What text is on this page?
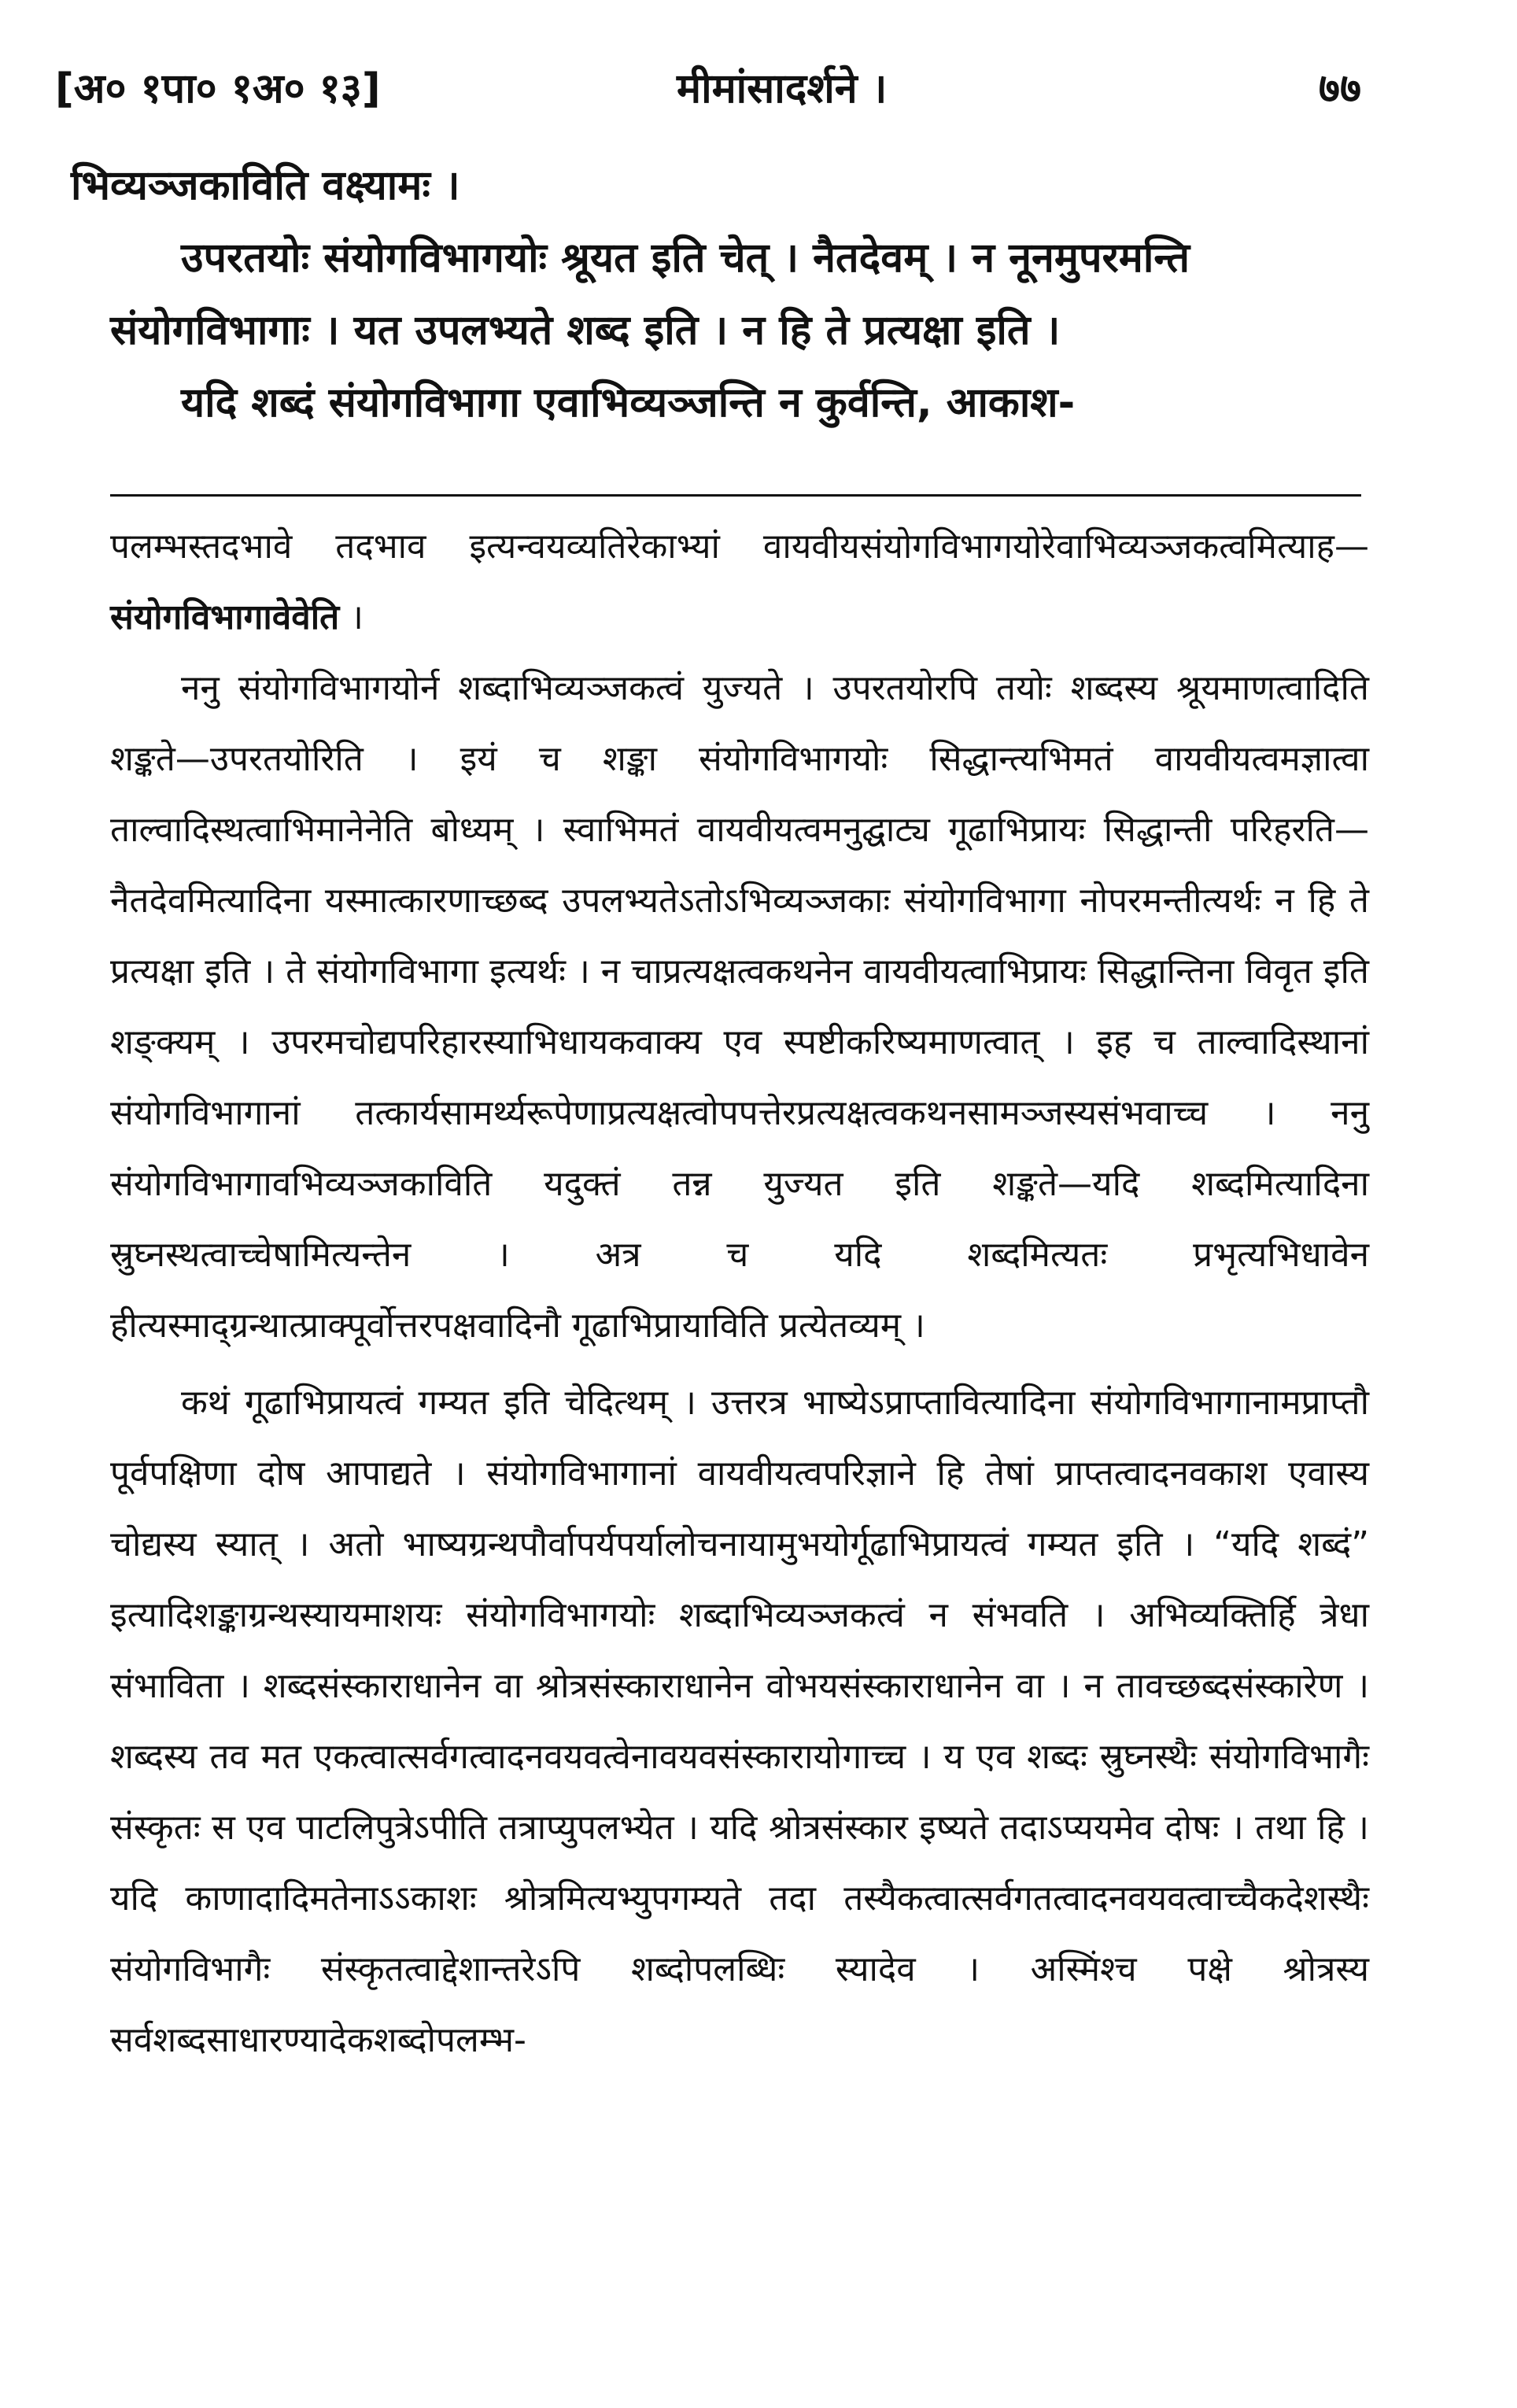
[अ० १पा० १अ० १३]	मीमांसादर्शने ।	७७

भिव्यञ्जकाविति वक्ष्यामः ।

उपरतयोः संयोगविभागयोः श्रूयत इति चेत् । नैतदेवम् । न नूनमुपरमन्ति संयोगविभागाः । यत उपलभ्यते शब्द इति । न हि ते प्रत्यक्षा इति ।

यदि शब्दं संयोगविभागा एवाभिव्यञ्जन्ति न कुर्वन्ति, आकाश-

पलम्भस्तदभावे तदभाव इत्यन्वयव्यतिरेकाभ्यां वायवीयसंयोगविभागयोरेवाभिव्यञ्जकत्वमित्याह—संयोगविभागावेवेति ।

ननु संयोगविभागयोर्न शब्दाभिव्यञ्जकत्वं युज्यते । उपरतयोरपि तयोः शब्दस्य श्रूयमाणत्वादिति शङ्कते—उपरतयोरिति । इयं च शङ्का संयोगविभागयोः सिद्धान्त्यभिमतं वायवीयत्वमज्ञात्वा ताल्वादिस्थत्वाभिमानेनेति बोध्यम् । स्वाभिमतं वायवीयत्वमनुद्घाट्य गूढाभिप्रायः सिद्धान्ती परिहरति—नैतदेवमित्यादिना यस्मात्कारणाच्छब्द उपलभ्यतेऽतोऽभिव्यञ्जकाः संयोगविभागा नोपरमन्तीत्यर्थः न हि ते प्रत्यक्षा इति । ते संयोगविभागा इत्यर्थः । न चाप्रत्यक्षत्वकथनेन वायवीयत्वाभिप्रायः सिद्धान्तिना विवृत इति शङ्क्यम् । उपरमचोद्यपरिहारस्याभिधायकवाक्य एव स्पष्टीकरिष्यमाणत्वात् । इह च ताल्वादिस्थानां संयोगविभागानां तत्कार्यसामर्थ्यरूपेणाप्रत्यक्षत्वोपपत्तेरप्रत्यक्षत्वकथनसामञ्जस्यसंभवाच्च । ननु संयोगविभागावभिव्यञ्जकाविति यदुक्तं तन्न युज्यत इति शङ्कते—यदि शब्दमित्यादिना स्रुघ्नस्थत्वाच्चेषामित्यन्तेन । अत्र च यदि शब्दमित्यतः प्रभृत्यभिधावेन हीत्यस्माद्ग्रन्थात्प्राक्पूर्वोत्तरपक्षवादिनौ गूढाभिप्रायाविति प्रत्येतव्यम् ।

कथं गूढाभिप्रायत्वं गम्यत इति चेदित्थम् । उत्तरत्र भाष्येऽप्राप्तावित्यादिना संयोगविभागानामप्राप्तौ पूर्वपक्षिणा दोष आपाद्यते । संयोगविभागानां वायवीयत्वपरिज्ञाने हि तेषां प्राप्तत्वादनवकाश एवास्य चोद्यस्य स्यात् । अतो भाष्यग्रन्थपौर्वापर्यपर्यालोचनायामुभयोर्गूढाभिप्रायत्वं गम्यत इति । “यदि शब्दं” इत्यादिशङ्काग्रन्थस्यायमाशयः संयोगविभागयोः शब्दाभिव्यञ्जकत्वं न संभवति । अभिव्यक्तिर्हि त्रेधा संभाविता । शब्दसंस्काराधानेन वा श्रोत्रसंस्काराधानेन वोभयसंस्काराधानेन वा । न तावच्छब्दसंस्कारेण । शब्दस्य तव मत एकत्वात्सर्वगत्वादनवयवत्वेनावयवसंस्कारायोगाच्च । य एव शब्दः स्रुघ्नस्थैः संयोगविभागैः संस्कृतः स एव पाटलिपुत्रेऽपीति तत्राप्युपलभ्येत । यदि श्रोत्रसंस्कार इष्यते तदाऽप्ययमेव दोषः । तथा हि । यदि काणादादिमतेनाऽऽकाशः श्रोत्रमित्यभ्युपगम्यते तदा तस्यैकत्वात्सर्वगतत्वादनवयवत्वाच्चैकदेशस्थैः संयोगविभागैः संस्कृतत्वाद्देशान्तरेऽपि शब्दोपलब्धिः स्यादेव । अस्मिंश्च पक्षे श्रोत्रस्य सर्वशब्दसाधारण्यादेकशब्दोपलम्भ-
